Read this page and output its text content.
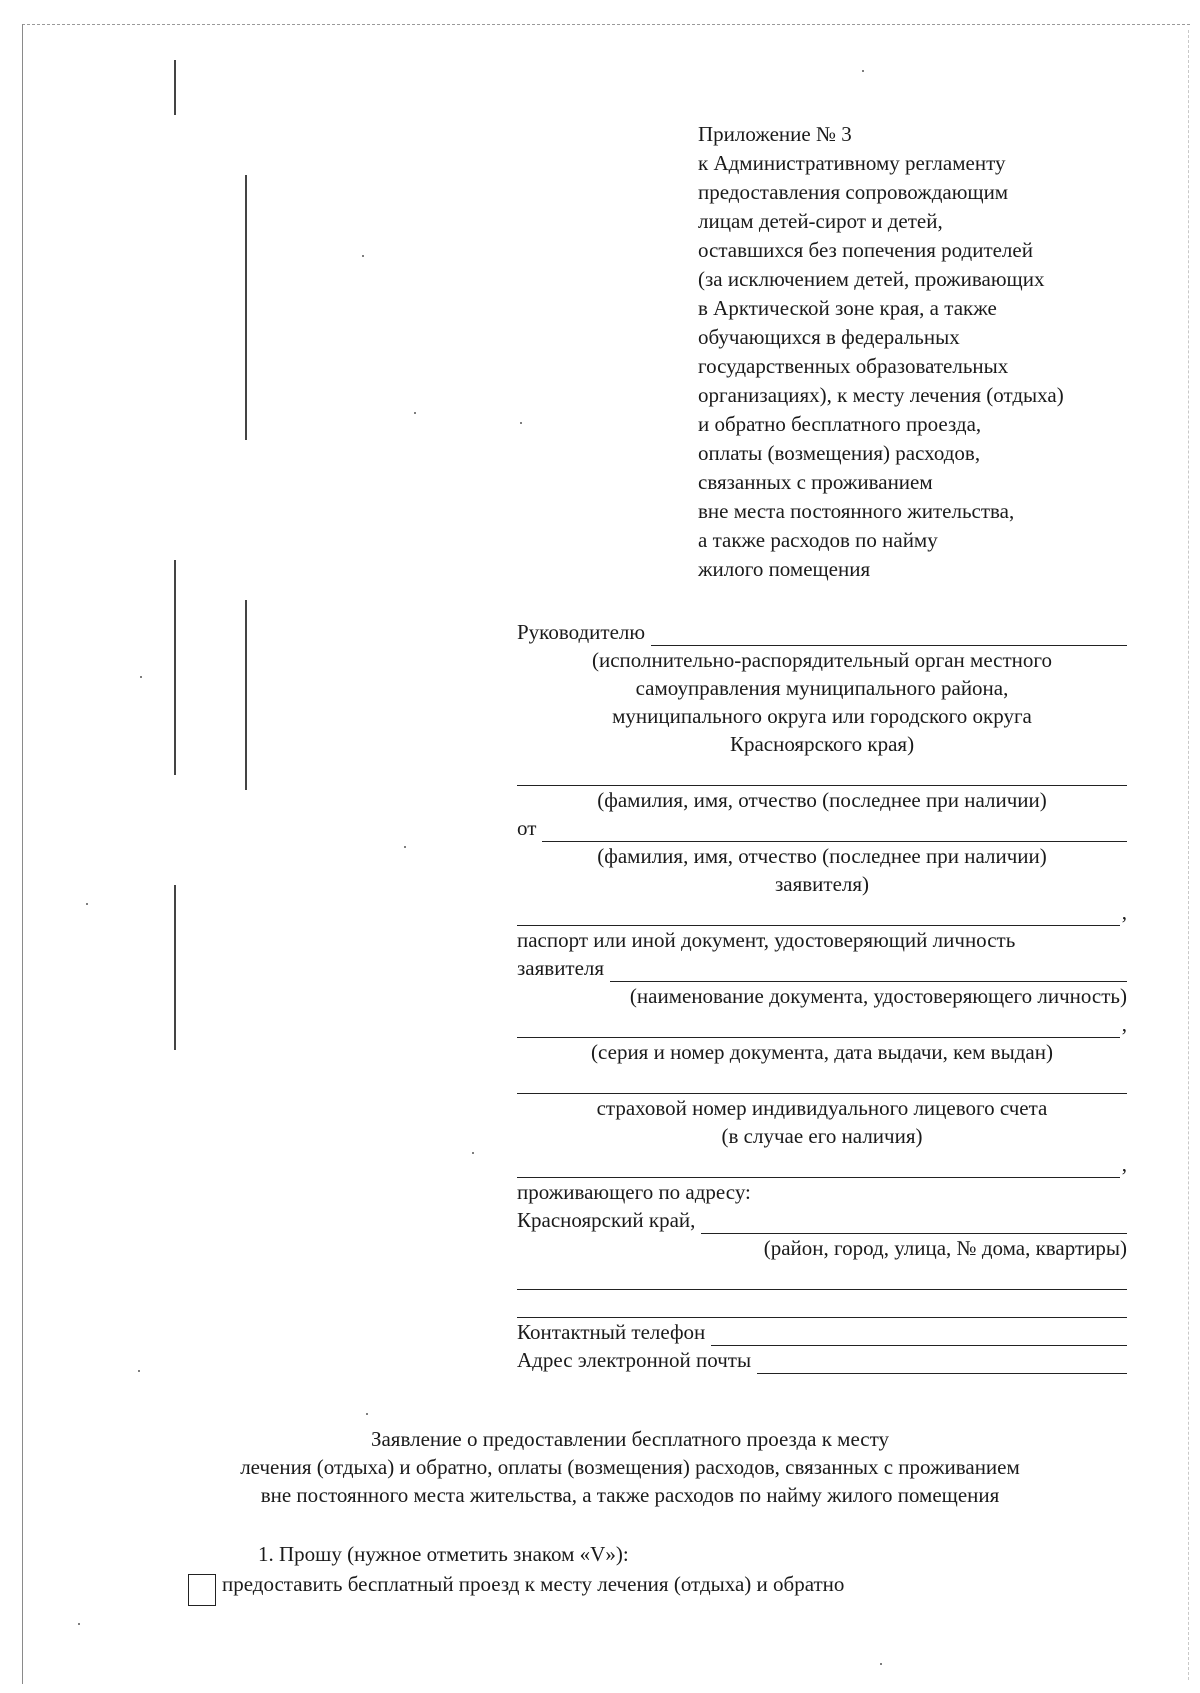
Приложение № 3
к Административному регламенту
предоставления сопровождающим
лицам детей-сирот и детей,
оставшихся без попечения родителей
(за исключением детей, проживающих
в Арктической зоне края, а также
обучающихся в федеральных
государственных образовательных
организациях), к месту лечения (отдыха)
и обратно бесплатного проезда,
оплаты (возмещения) расходов,
связанных с проживанием
вне места постоянного жительства,
а также расходов по найму
жилого помещения
Руководителю
(исполнительно-распорядительный орган местного
самоуправления муниципального района,
муниципального округа или городского округа
Красноярского края)
(фамилия, имя, отчество (последнее при наличии)
от
(фамилия, имя, отчество (последнее при наличии)
заявителя)
,
паспорт или иной документ, удостоверяющий личность
заявителя
(наименование документа, удостоверяющего личность)
,
(серия и номер документа, дата выдачи, кем выдан)
страховой номер индивидуального лицевого счета
(в случае его наличия)
,
проживающего по адресу:
Красноярский край,
(район, город, улица, № дома, квартиры)
Контактный телефон
Адрес электронной почты
Заявление о предоставлении бесплатного проезда к месту
лечения (отдыха) и обратно, оплаты (возмещения) расходов, связанных с проживанием
вне постоянного места жительства, а также расходов по найму жилого помещения
1. Прошу (нужное отметить знаком «V»):
предоставить бесплатный проезд к месту лечения (отдыха) и обратно
